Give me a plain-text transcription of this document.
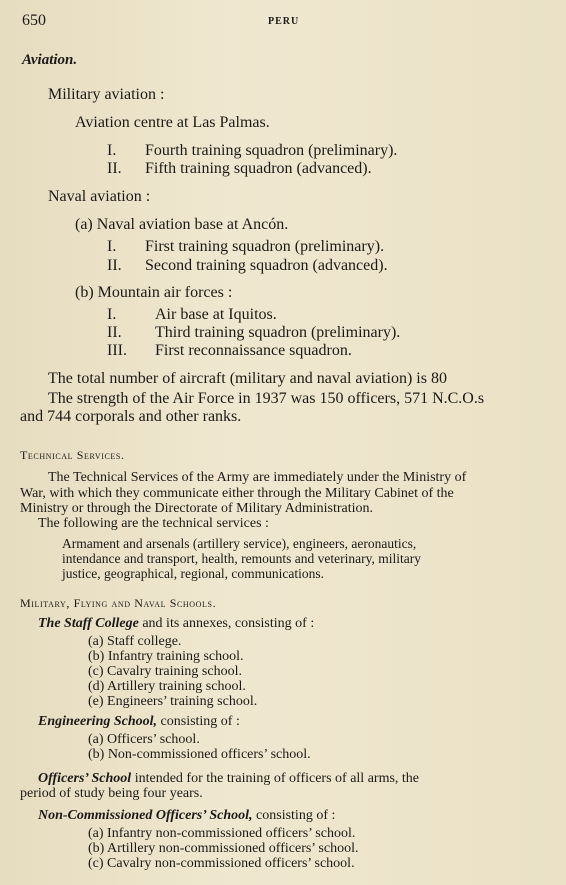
650	PERU
Aviation.
Military aviation :
Aviation centre at Las Palmas.
I. Fourth training squadron (preliminary).
II. Fifth training squadron (advanced).
Naval aviation :
(a) Naval aviation base at Ancón.
I. First training squadron (preliminary).
II. Second training squadron (advanced).
(b) Mountain air forces :
I. Air base at Iquitos.
II. Third training squadron (preliminary).
III. First reconnaissance squadron.
The total number of aircraft (military and naval aviation) is 80
The strength of the Air Force in 1937 was 150 officers, 571 N.C.O.s
and 744 corporals and other ranks.
Technical Services.
The Technical Services of the Army are immediately under the Ministry of
War, with which they communicate either through the Military Cabinet of the
Ministry or through the Directorate of Military Administration.
The following are the technical services :
Armament and arsenals (artillery service), engineers, aeronautics,
intendance and transport, health, remounts and veterinary, military
justice, geographical, regional, communications.
Military, Flying and Naval Schools.
The Staff College and its annexes, consisting of :
(a) Staff college.
(b) Infantry training school.
(c) Cavalry training school.
(d) Artillery training school.
(e) Engineers’ training school.
Engineering School, consisting of :
(a) Officers’ school.
(b) Non-commissioned officers’ school.
Officers’ School intended for the training of officers of all arms, the
period of study being four years.
Non-Commissioned Officers’ School, consisting of :
(a) Infantry non-commissioned officers’ school.
(b) Artillery non-commissioned officers’ school.
(c) Cavalry non-commissioned officers’ school.
